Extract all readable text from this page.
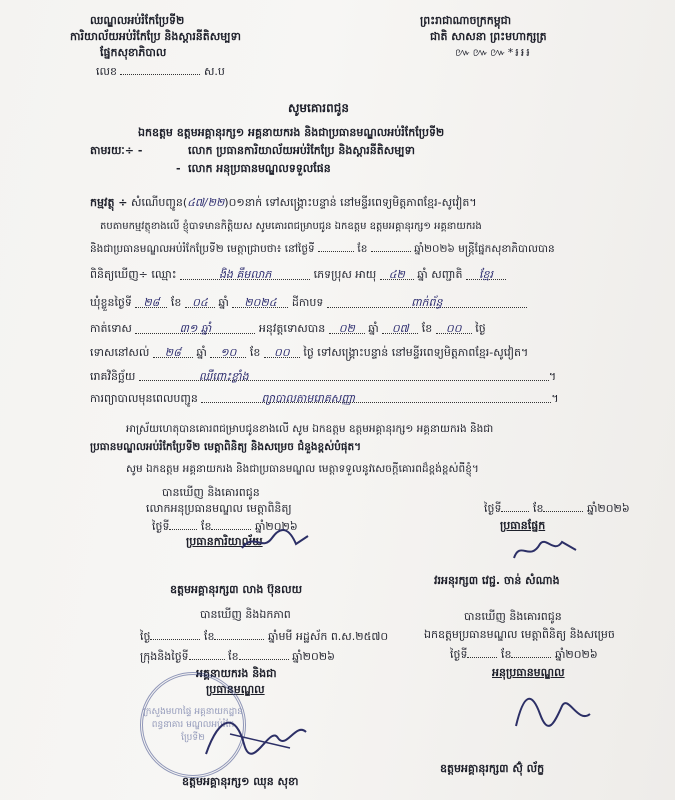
ឈណ្ឌលអប់រំកែប្រែទី២
ការិយាល័យអប់រំកែប្រែ និងស្តារនីតិសម្បទា
ផ្នែកសុខាភិបាល
លេខ	ស.ប
ព្រះរាជាណាចក្រកម្ពុជា
ជាតិ សាសនា ព្រះមហាក្សត្រ
៚៚៚*៛៛៛
សូមគោរពជូន
ឯកឧត្តម ឧត្តមអគ្គានុរក្ស១ អគ្គនាយករង និងជាប្រធានមណ្ឌលអប់រំកែប្រែទី២
តាមរយៈ÷ -	លោក ប្រធានការិយាល័យអប់រំកែប្រែ និងស្តារនីតិសម្បទា
- លោក អនុប្រធានមណ្ឌលទទួលផែន
កម្មវត្ថុ ÷ សំណើបញ្ជូន(៤៧/២២)០១នាក់ ទៅសង្គ្រោះបន្ទាន់ នៅមន្ទីរពេទ្យមិត្តភាពខ្មែរ-សូវៀត។
តបតាមកម្មវត្ថុខាងលើ ខ្ញុំបាទមានកិត្តិយស សូមគោរពជម្រាបជូន ឯកឧត្តម ឧត្តមអគ្គានុរក្ស១ អគ្គនាយករង
និងជាប្រធានមណ្ឌលអប់រំកែប្រែទី២ មេត្តាជ្រាបថា៖ នៅថ្ងៃទី	ខែ	ឆ្នាំ២០២៦ មន្ត្រីផ្នែកសុខាភិបាលបាន
ពិនិត្យឃើញ÷ ឈ្មោះ	ងិង គឹមលាភ	ភេទប្រុស អាយុ ៤២ ឆ្នាំ សញ្ជាតិ ខ្មែរ
ឃុំខ្លួនថ្ងៃទី ២៨ ខែ ០៤ ឆ្នាំ ២០២៤ ដីកាបទ	ពាក់ព័ន្ធ
កាត់ទោស	៣១ ឆ្នាំ	អនុវត្តទោសបាន ០២ ឆ្នាំ ០៧ ខែ ០០ ថ្ងៃ
ទោសនៅសល់ ២៨ ឆ្នាំ ១០ ខែ ០០ ថ្ងៃ ទៅសង្គ្រោះបន្ទាន់ នៅមន្ទីរពេទ្យមិត្តភាពខ្មែរ-សូវៀត។
រោគវិនិច្ឆ័យ	ឈឺពោះខ្លាំង	។
ការព្យាបាលមុនពេលបញ្ជូន	ព្យាបាលតាមរោគសញ្ញា	។
អាស្រ័យហេតុបានគោរពជម្រាបជូនខាងលើ សូម ឯកឧត្តម ឧត្តមអគ្គានុរក្ស១ អគ្គនាយករង និងជា
ប្រធានមណ្ឌលអប់រំកែប្រែទី២ មេត្តាពិនិត្យ និងសម្រេច ជំនួងខ្ពស់បំផុត។
សូម ឯកឧត្តម អគ្គនាយករង និងជាប្រធានមណ្ឌល មេត្តាទទួលនូវសេចក្តីគោរពដ៏ខ្ពង់ខ្ពស់ពីខ្ញុំ។
បានឃើញ និងគោរពជូន
លោកអនុប្រធានមណ្ឌល មេត្តាពិនិត្យ
ថ្ងៃទី	ខែ	ឆ្នាំ២០២៦
ប្រធានការិយាល័យ
ឧត្តមអគ្គានុរក្ស៣ លាង ប៊ុនលយ
ថ្ងៃទី	ខែ	ឆ្នាំ២០២៦
ប្រធានផ្នែក
វរអនុរក្ស៣ វេជ្ជ. ចាន់ សំណាង
បានឃើញ និងឯកភាព
ថ្ងៃ	ខែ	ឆ្នាំមមី អដ្ឋស័ក ព.ស.២៥៧០
ក្រុងនិងថ្ងៃទី	ខែ	ឆ្នាំ២០២៦
អគ្គនាយករង និងជា
ប្រធានមណ្ឌល
ក្រសួងមហាផ្ទៃ អគ្គនាយកដ្ឋានពន្ធនាគារ មណ្ឌលអប់រំកែប្រែទី២
ឧត្តមអគ្គានុរក្ស១ ឈុន សុខា
បានឃើញ និងគោរពជូន
ឯកឧត្តមប្រធានមណ្ឌល មេត្តាពិនិត្យ និងសម្រេច
ថ្ងៃទី	ខែ	ឆ្នាំ២០២៦
អនុប្រធានមណ្ឌល
ឧត្តមអគ្គានុរក្ស៣ ស៊ុំ ល័ក្ខ
